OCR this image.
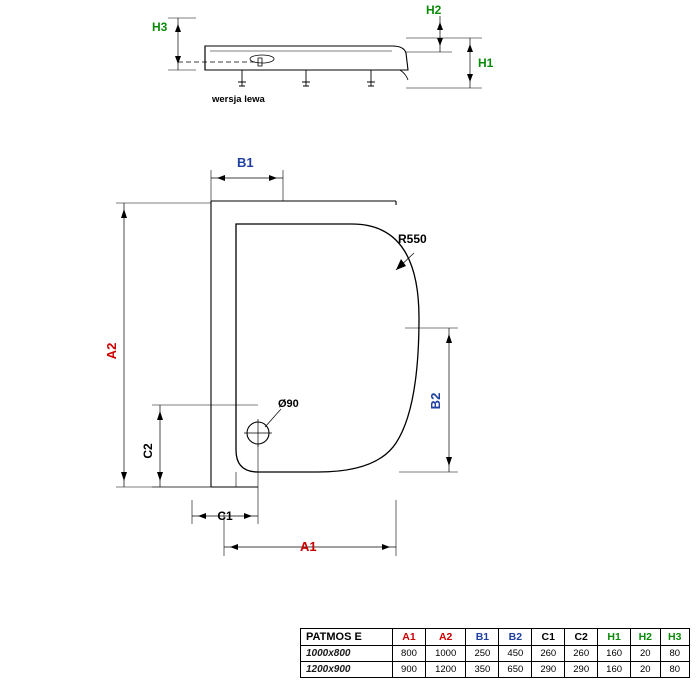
H3
H2
H1
wersja lewa
B1
A2
A1
B2
C1
C2
R550
Ø90
PATMOS E	A1	A2	B1	B2	C1	C2	H1	H2	H3
1000x800	800	1000	250	450	260	260	160	20	80
1200x900	900	1200	350	650	290	290	160	20	80
